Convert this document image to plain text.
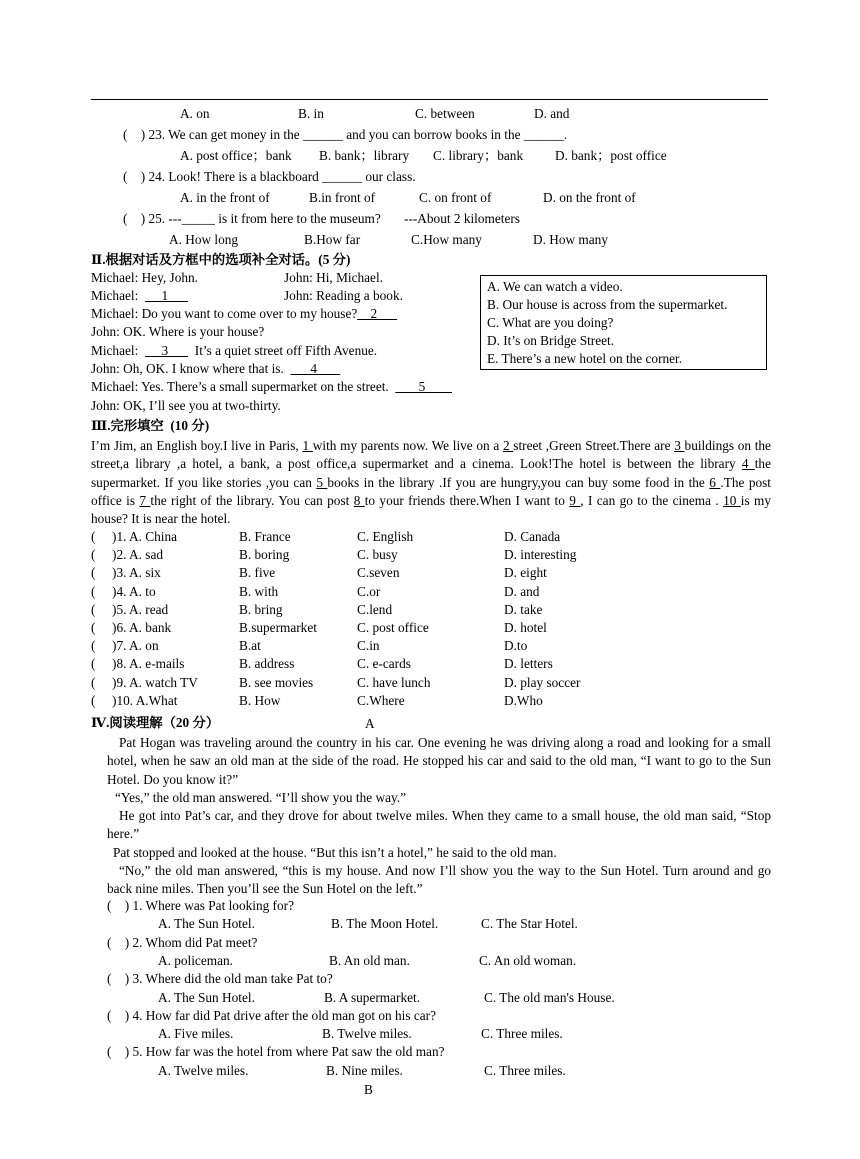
A. on	B. in	C. between	D. and
(    ) 23. We can get money in the ______ and you can borrow books in the ______.
A. post office；bank B. bank；library C. library；bank D. bank；post office
(    ) 24. Look! There is a blackboard ______ our class.
A. in the front of	B.in front of	C. on front of	D. on the front of
(    ) 25. ---_____ is it from here to the museum?       ---About 2 kilometers
A. How long	B.How far	C.How many	D. How many
Ⅱ.根据对话及方框中的选项补全对话。(5 分)
Michael: Hey, John.	John: Hi, Michael.
Michael:       1	John: Reading a book.
Michael: Do you want to come over to my house?    2
John: OK. Where is your house?
Michael:       3        It’s a quiet street off Fifth Avenue.
John: Oh, OK. I know where that is.        4
Michael: Yes. There’s a small supermarket on the street.         5
John: OK, I’ll see you at two-thirty.
A. We can watch a video.
B. Our house is across from the supermarket.
C. What are you doing?
D. It’s on Bridge Street.
E. There’s a new hotel on the corner.
Ⅲ.完形填空  (10 分)
I’m Jim, an English boy.I live in Paris, 1 with my parents now. We live on a 2 street ,Green Street.There are 3 buildings on the street,a library ,a hotel, a bank, a post office,a supermarket and a cinema. Look!The hotel is between the library 4 the supermarket. If you like stories ,you can 5 books in the library .If you are hungry,you can buy some food in the 6 .The post office is 7 the right of the library. You can post 8 to your friends there.When I want to 9 , I can go to the cinema . 10 is my house? It is near the hotel.
(     )1. A. China	B. France	C. English	D. Canada
(     )2. A. sad	B. boring	C. busy	D. interesting
(     )3. A. six	B. five	C.seven	D. eight
(     )4. A. to	B. with	C.or	D. and
(     )5. A. read	B. bring	C.lend	D. take
(     )6. A. bank	B.supermarket	C. post office	D. hotel
(     )7. A. on	B.at	C.in	D.to
(     )8. A. e-mails	B. address	C. e-cards	D. letters
(     )9. A. watch TV	B. see movies	C. have lunch	D. play soccer
(     )10. A.What	B. How	C.Where	D.Who
Ⅳ.阅读理解（20 分）	A

Pat Hogan was traveling around the country in his car. One evening he was driving along a road and looking for a small hotel, when he saw an old man at the side of the road. He stopped his car and said to the old man, “I want to go to the Sun Hotel. Do you know it?”

“Yes,” the old man answered. “I’ll show you the way.”

He got into Pat’s car, and they drove for about twelve miles. When they came to a small house, the old man said, “Stop here.”

Pat stopped and looked at the house. “But this isn’t a hotel,” he said to the old man.

“No,” the old man answered, “this is my house. And now I’ll show you the way to the Sun Hotel. Turn around and go back nine miles. Then you’ll see the Sun Hotel on the left.”

(    ) 1. Where was Pat looking for?
A. The Sun Hotel.	B. The Moon Hotel.	C. The Star Hotel.
(    ) 2. Whom did Pat meet?
A. policeman.	B. An old man.	C. An old woman.
(    ) 3. Where did the old man take Pat to?
A. The Sun Hotel.	B. A supermarket.	C. The old man's House.
(    ) 4. How far did Pat drive after the old man got on his car?
A. Five miles.	B. Twelve miles.	C. Three miles.
(    ) 5. How far was the hotel from where Pat saw the old man?
A. Twelve miles.	B. Nine miles.	C. Three miles.
B
